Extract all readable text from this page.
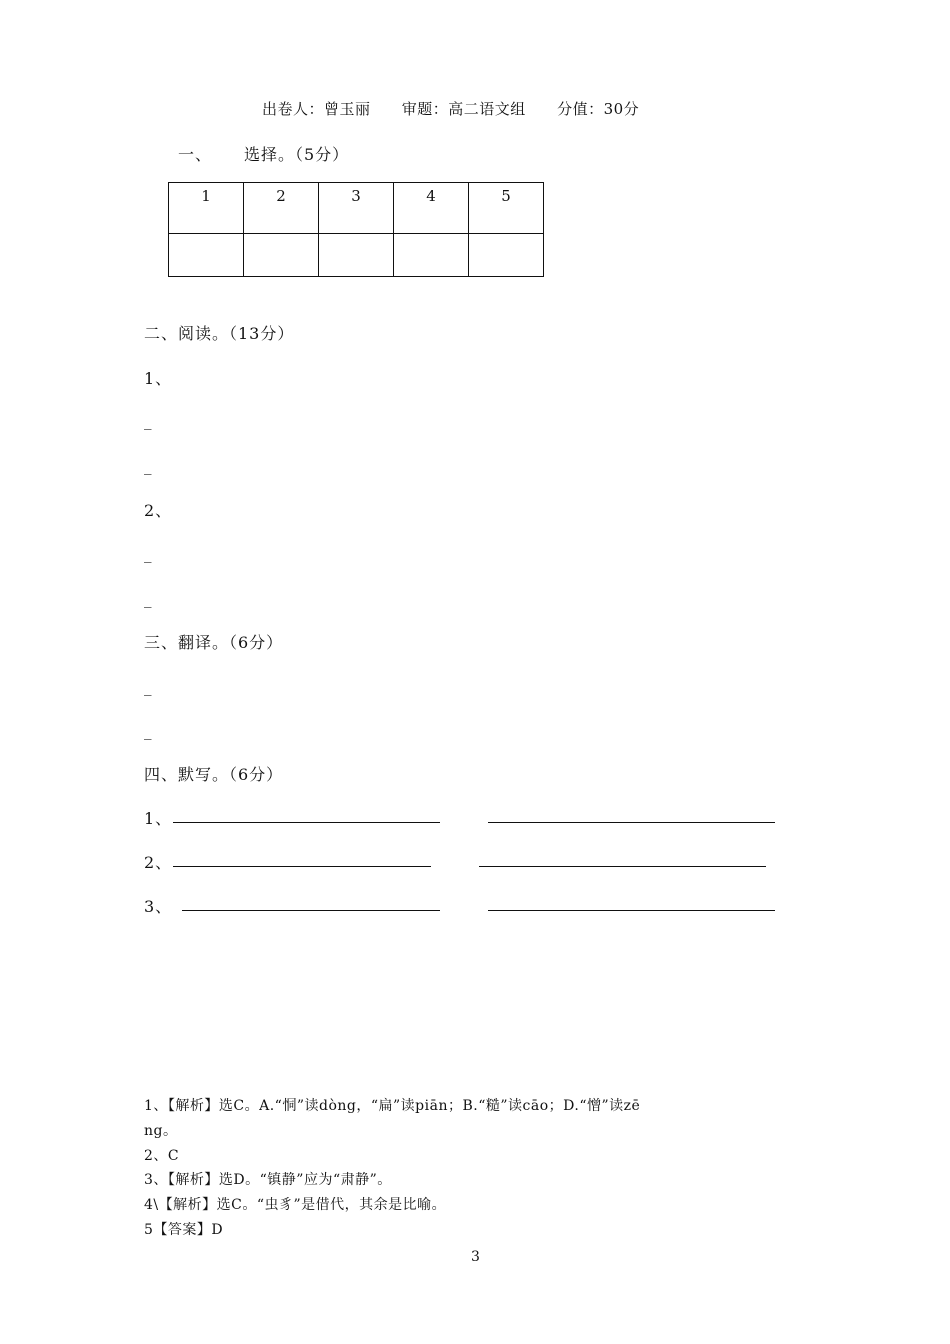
出卷人：曾玉丽 审题：高二语文组 分值：30分
一、 选择。（5分）
1	2	3	4	5

二、阅读。（13分）
1、
_
_
2、
_
_
三、翻译。（6分）
_
_
四、默写。（6分）
1、
2、
3、
1、【解析】选C。A.“恫”读dòng，“扁”读piān；B.“糙”读cāo；D.“憎”读zē
ng。
2、C
3、【解析】选D。“镇静”应为“肃静”。
4\【解析】选C。“虫豸”是借代，其余是比喻。
5【答案】D
3
